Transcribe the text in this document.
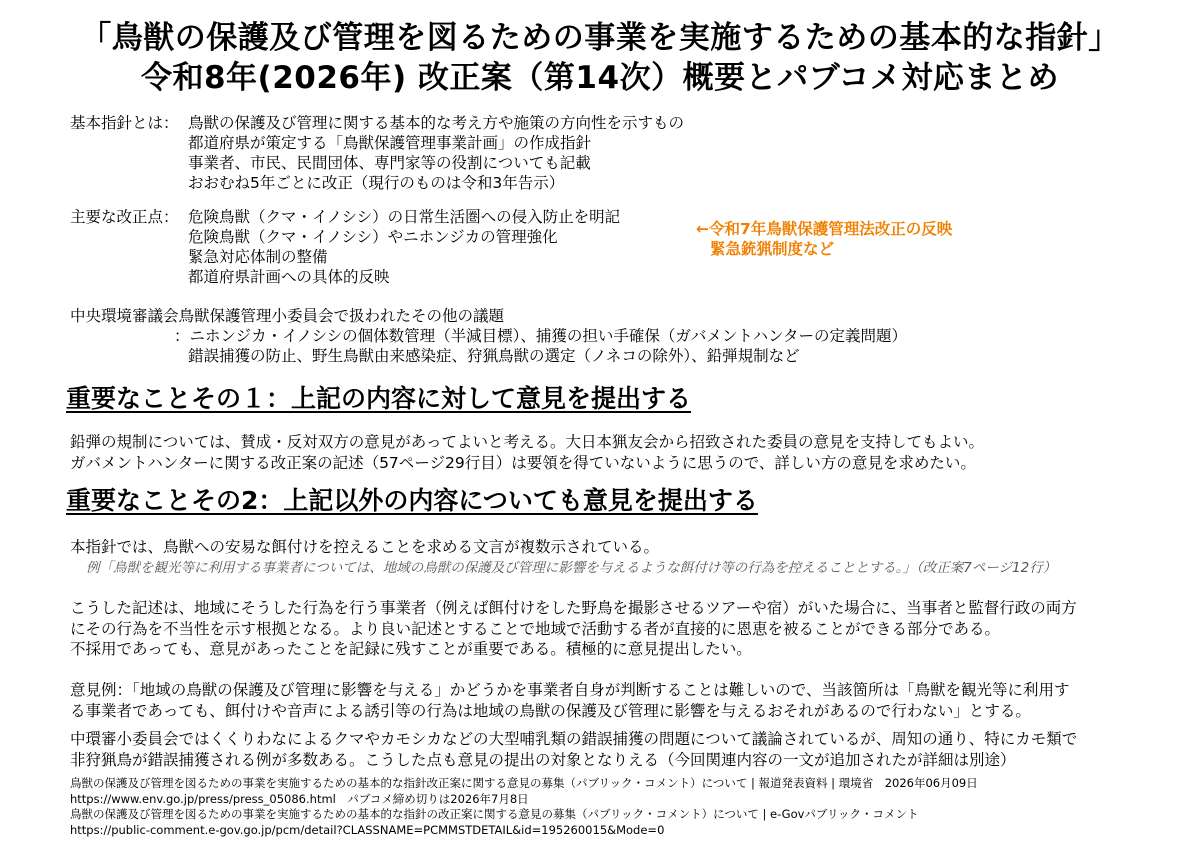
「鳥獣の保護及び管理を図るための事業を実施するための基本的な指針」
令和8年(2026年) 改正案（第14次）概要とパブコメ対応まとめ
基本指針とは： 鳥獣の保護及び管理に関する基本的な考え方や施策の方向性を示すもの
都道府県が策定する「鳥獣保護管理事業計画」の作成指針
事業者、市民、民間団体、専門家等の役割についても記載
おおむね5年ごとに改正（現行のものは令和3年告示）
主要な改正点： 危険鳥獣（クマ・イノシシ）の日常生活圏への侵入防止を明記
危険鳥獣（クマ・イノシシ）やニホンジカの管理強化
緊急対応体制の整備
都道府県計画への具体的反映
←令和7年鳥獣保護管理法改正の反映
緊急銃猟制度など
中央環境審議会鳥獣保護管理小委員会で扱われたその他の議題
：ニホンジカ・イノシシの個体数管理（半減目標）、捕獲の担い手確保（ガバメントハンターの定義問題）
錯誤捕獲の防止、野生鳥獣由来感染症、狩猟鳥獣の選定（ノネコの除外）、鉛弾規制など
重要なことその１：上記の内容に対して意見を提出する
鉛弾の規制については、賛成・反対双方の意見があってよいと考える。大日本猟友会から招致された委員の意見を支持してもよい。
ガバメントハンターに関する改正案の記述（57ページ29行目）は要領を得ていないように思うので、詳しい方の意見を求めたい。
重要なことその2：上記以外の内容についても意見を提出する
本指針では、鳥獣への安易な餌付けを控えることを求める文言が複数示されている。
例「鳥獣を観光等に利用する事業者については、地域の鳥獣の保護及び管理に影響を与えるような餌付け等の行為を控えることとする。」（改正案7ページ12行）
こうした記述は、地域にそうした行為を行う事業者（例えば餌付けをした野鳥を撮影させるツアーや宿）がいた場合に、当事者と監督行政の両方
にその行為を不当性を示す根拠となる。より良い記述とすることで地域で活動する者が直接的に恩恵を被ることができる部分である。
不採用であっても、意見があったことを記録に残すことが重要である。積極的に意見提出したい。
意見例：「地域の鳥獣の保護及び管理に影響を与える」かどうかを事業者自身が判断することは難しいので、当該箇所は「鳥獣を観光等に利用す
る事業者であっても、餌付けや音声による誘引等の行為は地域の鳥獣の保護及び管理に影響を与えるおそれがあるので行わない」とする。
中環審小委員会ではくくりわなによるクマやカモシカなどの大型哺乳類の錯誤捕獲の問題について議論されているが、周知の通り、特にカモ類で
非狩猟鳥が錯誤捕獲される例が多数ある。こうした点も意見の提出の対象となりえる（今回関連内容の一文が追加されたが詳細は別途）
鳥獣の保護及び管理を図るための事業を実施するための基本的な指針改正案に関する意見の募集（パブリック・コメント）について | 報道発表資料 | 環境省　2026年06月09日
https://www.env.go.jp/press/press_05086.html　パブコメ締め切りは2026年7月8日
鳥獣の保護及び管理を図るための事業を実施するための基本的な指針の改正案に関する意見の募集（パブリック・コメント）について | e-Govパブリック・コメント
https://public-comment.e-gov.go.jp/pcm/detail?CLASSNAME=PCMMSTDETAIL&id=195260015&Mode=0
